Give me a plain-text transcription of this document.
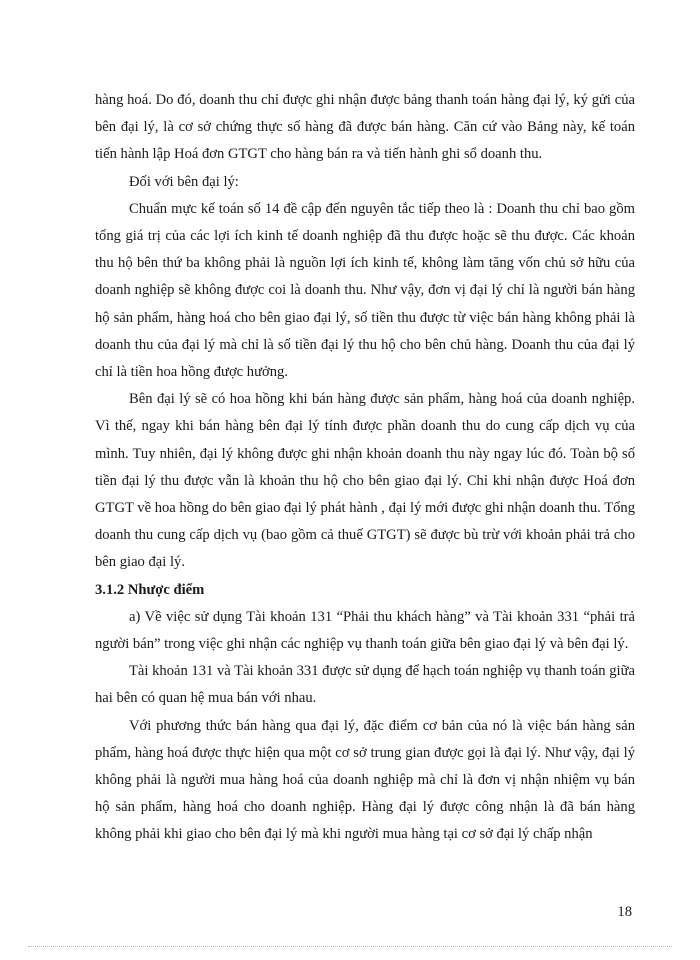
hàng hoá. Do đó, doanh thu chỉ được ghi nhận được bảng thanh toán hàng đại lý, ký gửi của bên đại lý, là cơ sở chứng thực số hàng đã được bán hàng. Căn cứ vào Bảng này, kế toán tiến hành lập Hoá đơn GTGT cho hàng bán ra và tiến hành ghi sổ doanh thu.

Đối với bên đại lý:

Chuẩn mực kế toán số 14 đề cập đến nguyên tắc tiếp theo là : Doanh thu chỉ bao gồm tổng giá trị của các lợi ích kinh tế doanh nghiệp đã thu được hoặc sẽ thu được. Các khoản thu hộ bên thứ ba không phải là nguồn lợi ích kinh tế, không làm tăng vốn chủ sở hữu của doanh nghiệp sẽ không được coi là doanh thu. Như vậy, đơn vị đại lý chỉ là người bán hàng hộ sản phẩm, hàng hoá cho bên giao đại lý, số tiền thu được từ việc bán hàng không phải là doanh thu của đại lý mà chỉ là số tiền đại lý thu hộ cho bên chủ hàng. Doanh thu của đại lý chỉ là tiền hoa hồng được hưởng.

Bên đại lý sẽ có hoa hồng khi bán hàng được sản phẩm, hàng hoá của doanh nghiệp. Vì thế, ngay khi bán hàng bên đại lý tính được phần doanh thu do cung cấp dịch vụ của mình. Tuy nhiên, đại lý không được ghi nhận khoản doanh thu này ngay lúc đó. Toàn bộ số tiền đại lý thu được vẫn là khoản thu hộ cho bên giao đại lý. Chỉ khi nhận được Hoá đơn GTGT về hoa hồng do bên giao đại lý phát hành , đại lý mới được ghi nhận doanh thu. Tổng doanh thu cung cấp dịch vụ (bao gồm cả thuế GTGT) sẽ được bù trừ với khoản phải trả cho bên giao đại lý.

3.1.2 Nhược điểm

a) Về việc sử dụng Tài khoản 131 “Phải thu khách hàng” và Tài khoản 331 “phải trả người bán” trong việc ghi nhận các nghiệp vụ thanh toán giữa bên giao đại lý và bên đại lý.

Tài khoản 131 và Tài khoản 331 được sử dụng để hạch toán nghiệp vụ thanh toán giữa hai bên có quan hệ mua bán với nhau.

Với phương thức bán hàng qua đại lý, đặc điểm cơ bản của nó là việc bán hàng sản phẩm, hàng hoá được thực hiện qua một cơ sở trung gian được gọi là đại lý. Như vậy, đại lý không phải là người mua hàng hoá của doanh nghiệp mà chỉ là đơn vị nhận nhiệm vụ bán hộ sản phẩm, hàng hoá cho doanh nghiệp. Hàng đại lý được công nhận là đã bán hàng không phải khi giao cho bên đại lý mà khi người mua hàng tại cơ sở đại lý chấp nhận

18
